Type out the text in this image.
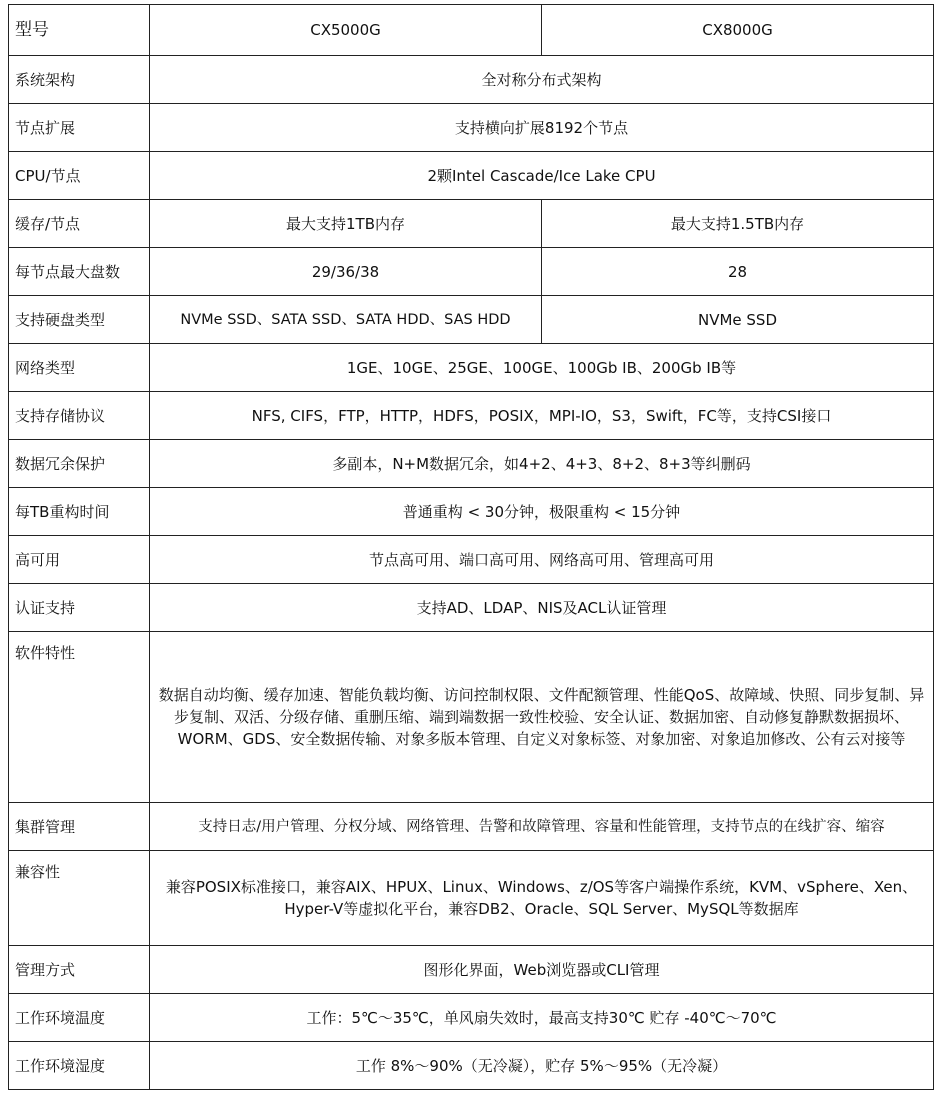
型号	CX5000G	CX8000G
系统架构	全对称分布式架构	
节点扩展	支持横向扩展8192个节点	
CPU/节点	2颗Intel Cascade/Ice Lake CPU	
缓存/节点	最大支持1TB内存	最大支持1.5TB内存
每节点最大盘数	29/36/38	28
支持硬盘类型	NVMe SSD、SATA SSD、SATA HDD、SAS HDD	NVMe SSD
网络类型	1GE、10GE、25GE、100GE、100Gb IB、200Gb IB等	
支持存储协议	NFS, CIFS，FTP，HTTP，HDFS，POSIX，MPI-IO，S3，Swift，FC等，支持CSI接口	
数据冗余保护	多副本，N+M数据冗余，如4+2、4+3、8+2、8+3等纠删码	
每TB重构时间	普通重构 < 30分钟，极限重构 < 15分钟	
高可用	节点高可用、端口高可用、网络高可用、管理高可用	
认证支持	支持AD、LDAP、NIS及ACL认证管理	
软件特性	数据自动均衡、缓存加速、智能负载均衡、访问控制权限、文件配额管理、性能QoS、故障域、快照、同步复制、异步复制、双活、分级存储、重删压缩、端到端数据一致性校验、安全认证、数据加密、自动修复静默数据损坏、WORM、GDS、安全数据传输、对象多版本管理、自定义对象标签、对象加密、对象追加修改、公有云对接等	
集群管理	支持日志/用户管理、分权分域、网络管理、告警和故障管理、容量和性能管理，支持节点的在线扩容、缩容	
兼容性	兼容POSIX标准接口，兼容AIX、HPUX、Linux、Windows、z/OS等客户端操作系统，KVM、vSphere、Xen、Hyper-V等虚拟化平台，兼容DB2、Oracle、SQL Server、MySQL等数据库	
管理方式	图形化界面，Web浏览器或CLI管理	
工作环境温度	工作：5℃～35℃，单风扇失效时，最高支持30℃ 贮存 -40℃～70℃	
工作环境湿度	工作 8%～90%（无冷凝），贮存 5%～95%（无冷凝）	
